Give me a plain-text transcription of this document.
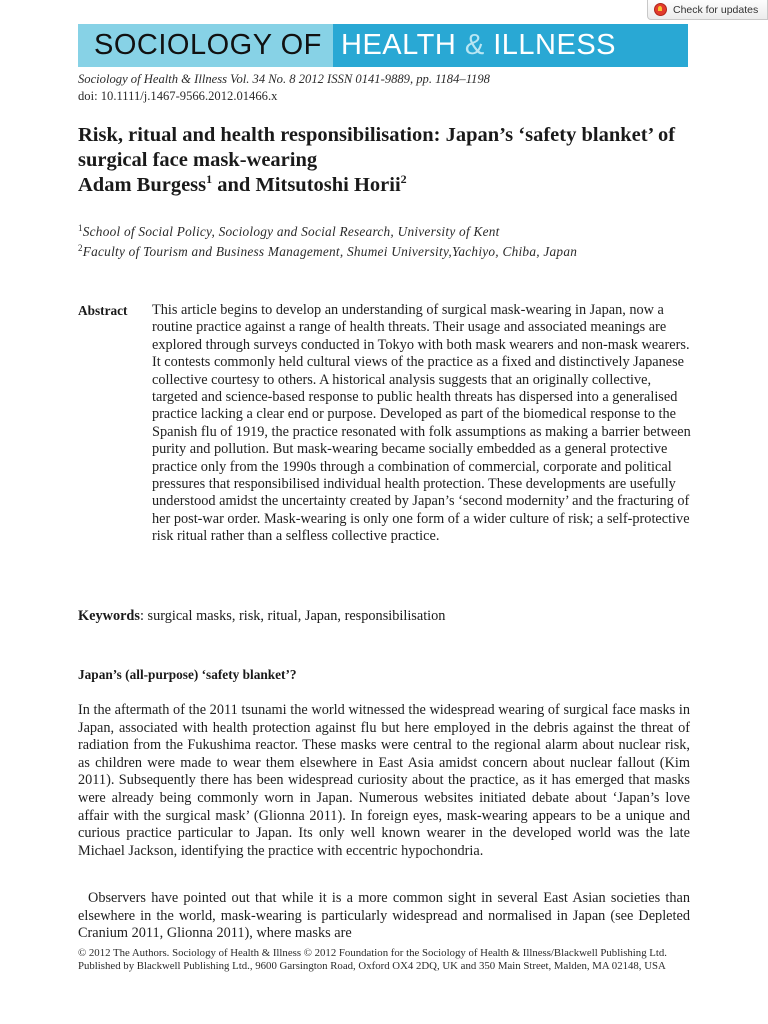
Check for updates
SOCIOLOGY OF HEALTH & ILLNESS
Sociology of Health & Illness Vol. 34 No. 8 2012 ISSN 0141-9889, pp. 1184–1198
doi: 10.1111/j.1467-9566.2012.01466.x
Risk, ritual and health responsibilisation: Japan’s ‘safety blanket’ of surgical face mask-wearing
Adam Burgess$^1$ and Mitsutoshi Horii$^2$
$^1$School of Social Policy, Sociology and Social Research, University of Kent
$^2$Faculty of Tourism and Business Management, Shumei University,Yachiyo, Chiba, Japan
Abstract This article begins to develop an understanding of surgical mask-wearing in Japan, now a routine practice against a range of health threats. Their usage and associated meanings are explored through surveys conducted in Tokyo with both mask wearers and non-mask wearers. It contests commonly held cultural views of the practice as a fixed and distinctively Japanese collective courtesy to others. A historical analysis suggests that an originally collective, targeted and science-based response to public health threats has dispersed into a generalised practice lacking a clear end or purpose. Developed as part of the biomedical response to the Spanish flu of 1919, the practice resonated with folk assumptions as making a barrier between purity and pollution. But mask-wearing became socially embedded as a general protective practice only from the 1990s through a combination of commercial, corporate and political pressures that responsibilised individual health protection. These developments are usefully understood amidst the uncertainty created by Japan’s ‘second modernity’ and the fracturing of her post-war order. Mask-wearing is only one form of a wider culture of risk; a self-protective risk ritual rather than a selfless collective practice.

Keywords: surgical masks, risk, ritual, Japan, responsibilisation
Japan’s (all-purpose) ‘safety blanket’?

In the aftermath of the 2011 tsunami the world witnessed the widespread wearing of surgical face masks in Japan, associated with health protection against flu but here employed in the debris against the threat of radiation from the Fukushima reactor. These masks were central to the regional alarm about nuclear risk, as children were made to wear them elsewhere in East Asia amidst concern about nuclear fallout (Kim 2011). Subsequently there has been widespread curiosity about the practice, as it has emerged that masks were already being commonly worn in Japan. Numerous websites initiated debate about ‘Japan’s love affair with the surgical mask’ (Glionna 2011). In foreign eyes, mask-wearing appears to be a unique and curious practice particular to Japan. Its only well known wearer in the developed world was the late Michael Jackson, identifying the practice with eccentric hypochondria.

Observers have pointed out that while it is a more common sight in several East Asian societies than elsewhere in the world, mask-wearing is particularly widespread and normalised in Japan (see Depleted Cranium 2011, Glionna 2011), where masks are

© 2012 The Authors. Sociology of Health & Illness © 2012 Foundation for the Sociology of Health & Illness/Blackwell Publishing Ltd.
Published by Blackwell Publishing Ltd., 9600 Garsington Road, Oxford OX4 2DQ, UK and 350 Main Street, Malden, MA 02148, USA
